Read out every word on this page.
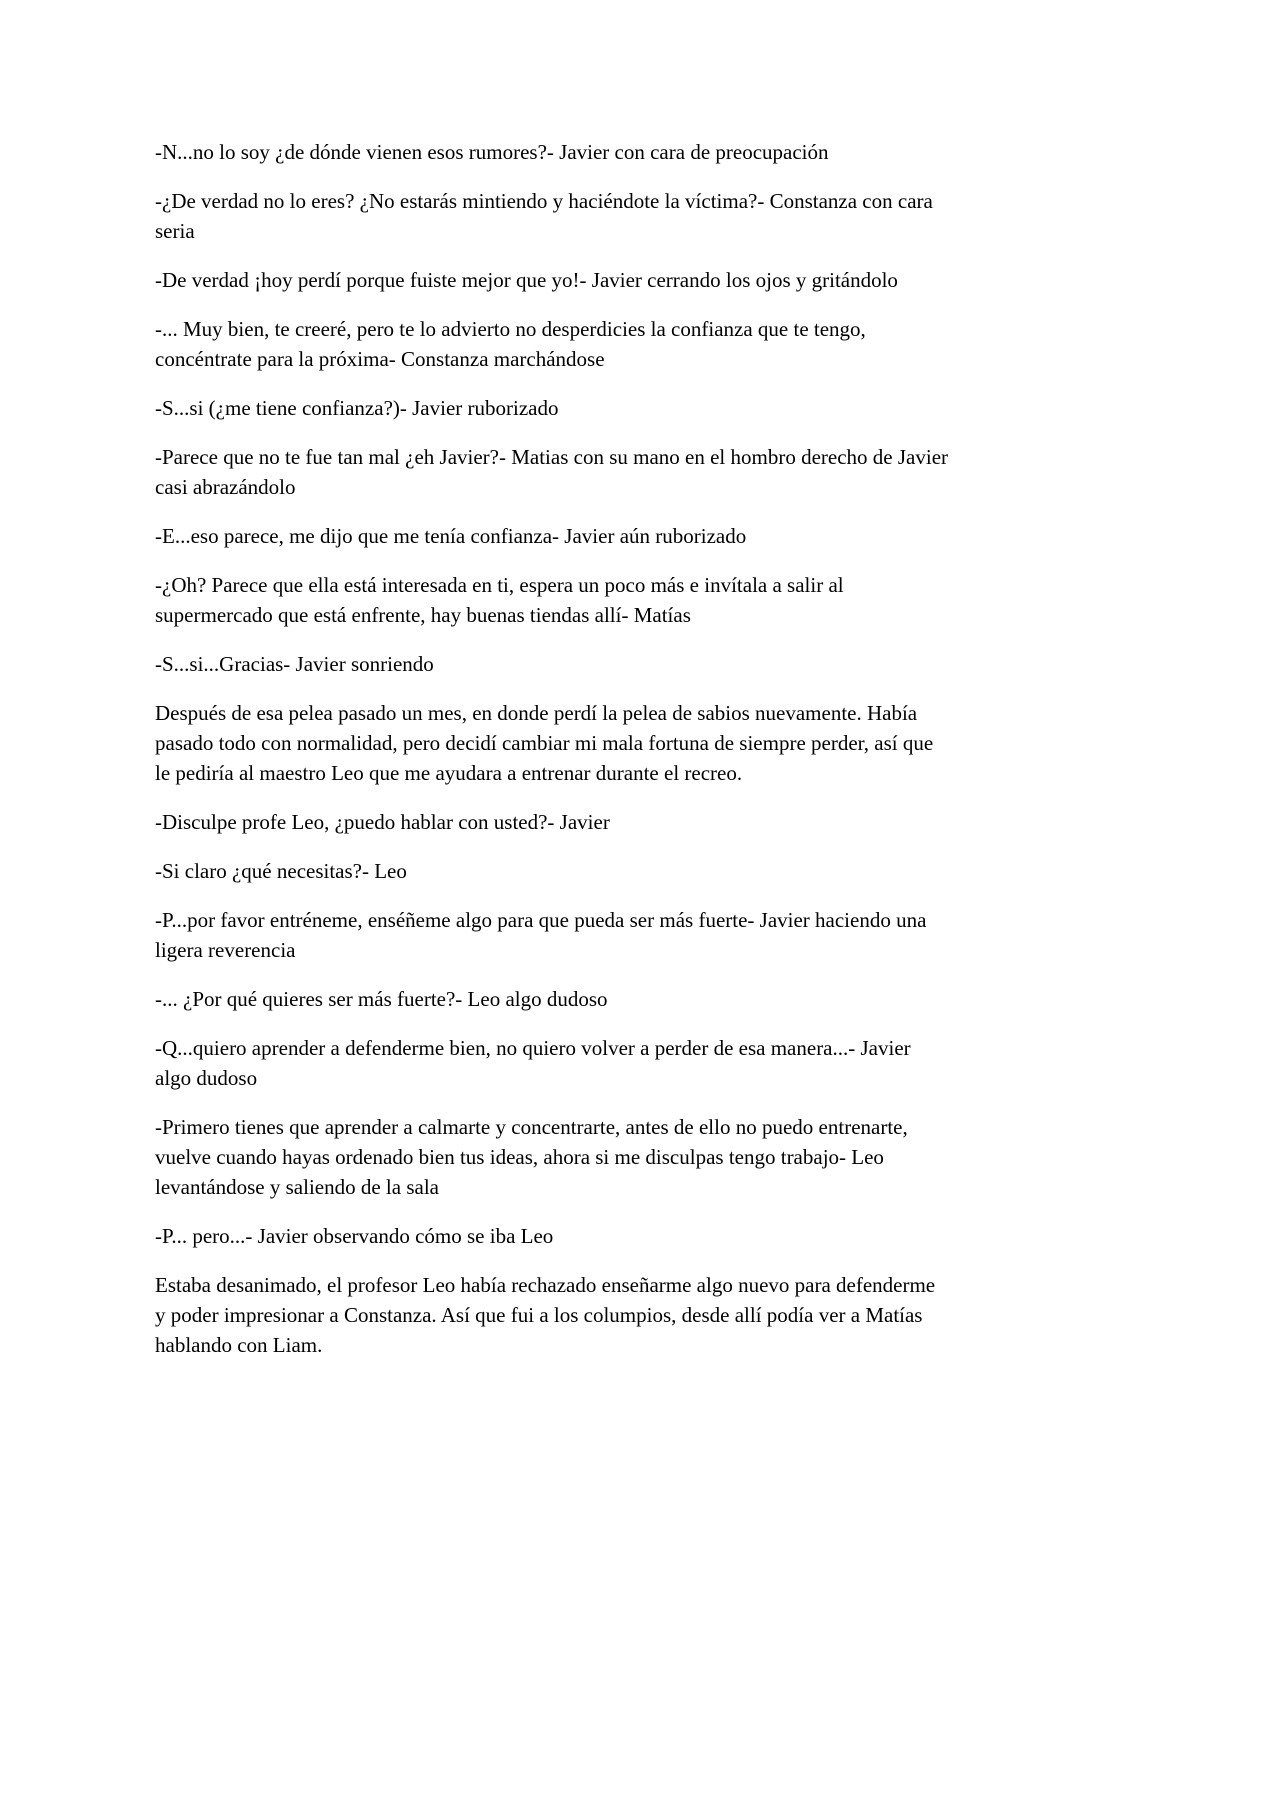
-N...no lo soy ¿de dónde vienen esos rumores?- Javier con cara de preocupación

-¿De verdad no lo eres? ¿No estarás mintiendo y haciéndote la víctima?- Constanza con cara seria

-De verdad ¡hoy perdí porque fuiste mejor que yo!- Javier cerrando los ojos y gritándolo

-... Muy bien, te creeré, pero te lo advierto no desperdicies la confianza que te tengo, concéntrate para la próxima- Constanza marchándose

-S...si (¿me tiene confianza?)- Javier ruborizado

-Parece que no te fue tan mal ¿eh Javier?- Matias con su mano en el hombro derecho de Javier casi abrazándolo

-E...eso parece, me dijo que me tenía confianza- Javier aún ruborizado

-¿Oh? Parece que ella está interesada en ti, espera un poco más e invítala a salir al supermercado que está enfrente, hay buenas tiendas allí- Matías

-S...si...Gracias- Javier sonriendo

Después de esa pelea pasado un mes, en donde perdí la pelea de sabios nuevamente. Había pasado todo con normalidad, pero decidí cambiar mi mala fortuna de siempre perder, así que le pediría al maestro Leo que me ayudara a entrenar durante el recreo.

-Disculpe profe Leo, ¿puedo hablar con usted?- Javier

-Si claro ¿qué necesitas?- Leo

-P...por favor entréneme, enséñeme algo para que pueda ser más fuerte- Javier haciendo una ligera reverencia

-... ¿Por qué quieres ser más fuerte?- Leo algo dudoso

-Q...quiero aprender a defenderme bien, no quiero volver a perder de esa manera...- Javier algo dudoso

-Primero tienes que aprender a calmarte y concentrarte, antes de ello no puedo entrenarte, vuelve cuando hayas ordenado bien tus ideas, ahora si me disculpas tengo trabajo- Leo levantándose y saliendo de la sala

-P... pero...- Javier observando cómo se iba Leo

Estaba desanimado, el profesor Leo había rechazado enseñarme algo nuevo para defenderme y poder impresionar a Constanza. Así que fui a los columpios, desde allí podía ver a Matías hablando con Liam.
